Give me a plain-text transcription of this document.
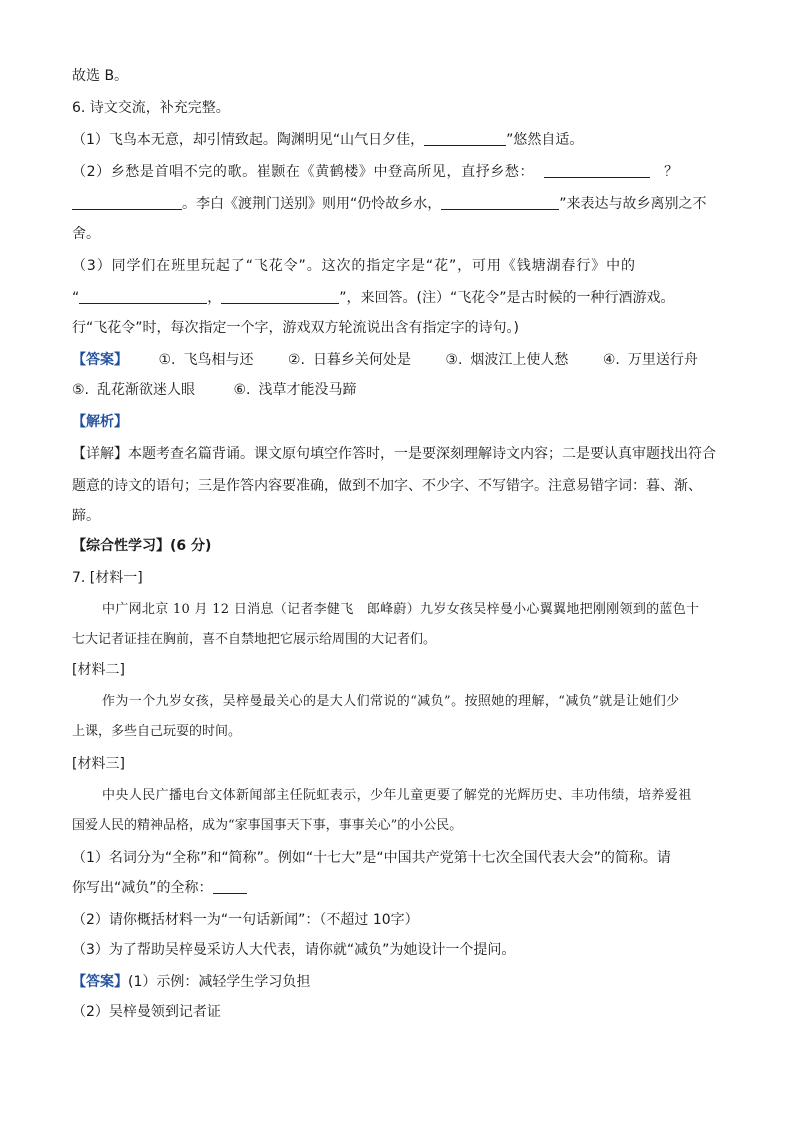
故选 B。
6. 诗文交流，补充完整。
（1）飞鸟本无意，却引情致起。陶渊明见“山气日夕佳，	”悠然自适。
（2）乡愁是首唱不完的歌。崔颢在《黄鹤楼》中登高所见，直抒乡愁：	？
。李白《渡荆门送别》则用“仍怜故乡水，	”来表达与故乡离别之不
舍。
（3）同学们在班里玩起了“飞花令”。这次的指定字是“花”，可用《钱塘湖春行》中的
“	，	”，来回答。(注）“飞花令”是古时候的一种行酒游戏。
行“飞花令”时，每次指定一个字，游戏双方轮流说出含有指定字的诗句。)
【答案】 ①. 飞鸟相与还 ②. 日暮乡关何处是 ③. 烟波江上使人愁 ④. 万里送行舟
⑤. 乱花渐欲迷人眼	⑥. 浅草才能没马蹄
【解析】
【详解】本题考查名篇背诵。课文原句填空作答时，一是要深刻理解诗文内容；二是要认真审题找出符合
题意的诗文的语句；三是作答内容要准确，做到不加字、不少字、不写错字。注意易错字词：暮、渐、
蹄。
【综合性学习】(6 分)
7. [材料一]
中广网北京 10 月 12 日消息（记者李健飞　郎峰蔚）九岁女孩吴梓曼小心翼翼地把刚刚领到的蓝色十
七大记者证挂在胸前，喜不自禁地把它展示给周围的大记者们。
[材料二]
作为一个九岁女孩，吴梓曼最关心的是大人们常说的“减负”。按照她的理解，“减负”就是让她们少
上课，多些自己玩耍的时间。
[材料三]
中央人民广播电台文体新闻部主任阮虹表示，少年儿童更要了解党的光辉历史、丰功伟绩，培养爱祖
国爱人民的精神品格，成为“家事国事天下事，事事关心”的小公民。
（1）名词分为“全称”和“简称”。例如“十七大”是“中国共产党第十七次全国代表大会”的简称。请
你写出“减负”的全称：
（2）请你概括材料一为“一句话新闻”：（不超过 10字）
（3）为了帮助吴梓曼采访人大代表，请你就“减负”为她设计一个提问。
【答案】(1）示例：减轻学生学习负担
（2）吴梓曼领到记者证
